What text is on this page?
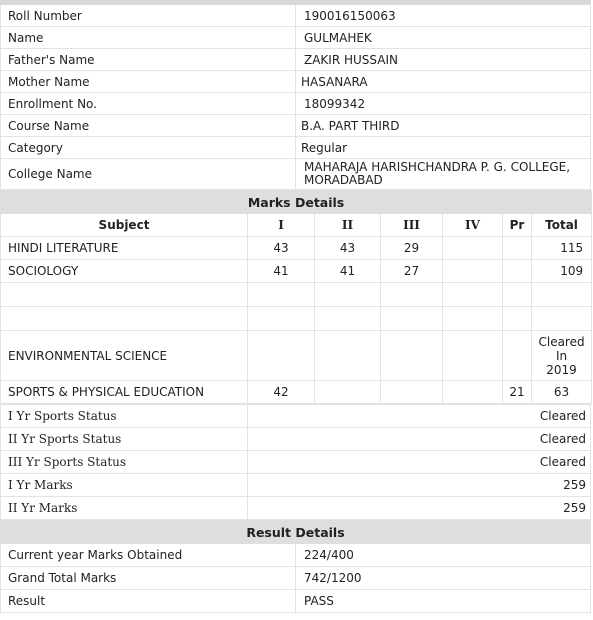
Roll Number	190016150063
Name	GULMAHEK
Father's Name	ZAKIR HUSSAIN
Mother Name	HASANARA
Enrollment No.	18099342
Course Name	B.A. PART THIRD
Category	Regular
College Name	MAHARAJA HARISHCHANDRA P. G. COLLEGE, MORADABAD
Marks Details						
Subject	I	II	III	IV	Pr	Total
HINDI LITERATURE	43	43	29			115
SOCIOLOGY	41	41	27			109

ENVIRONMENTAL SCIENCE						Cleared
In
2019

SPORTS & PHYSICAL EDUCATION	42				21	63
I Yr Sports Status	Cleared
II Yr Sports Status	Cleared
III Yr Sports Status	Cleared
I Yr Marks	259
II Yr Marks	259
Result Details	
Current year Marks Obtained	224/400
Grand Total Marks	742/1200
Result	PASS
